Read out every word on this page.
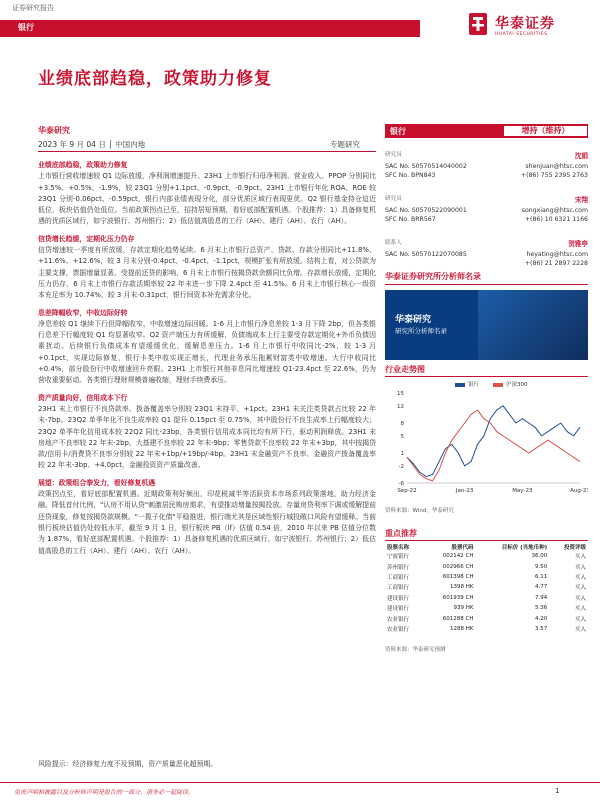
证券研究报告
银行	华泰证券
HUATAI SECURITIES
业绩底部趋稳，政策助力修复
华泰研究
2023 年 9 月 04 日 │ 中国内地	专题研究
业绩底部趋稳，政策助力修复

上市银行营收增速较 Q1 边际放缓，净利润增速提升。23H1 上市银行归母净利润、营业收入、PPOP 分别同比+3.5%、+0.5%、-1.9%，较 23Q1 分别+1.1pct、-0.9pct、-0.9pct。23H1 上市银行年化 ROA、ROE 较 23Q1 分别-0.06pct、-0.59pct，银行内部业绩表现分化，部分优质区域行表现更优。Q2 银行基金持仓迫近低位，板块估值仍处低位。当前政策拐点已至，招持居短预期，看好底部配置机遇。个股推荐：1）具备修复机遇的优质区域行，如宁波银行、苏州银行；2）低估值高股息的工行（AH）、建行（AH）、农行（AH）。

信贷增长趋缓，定期化压力仍存

信贷增速较一季度有所放缓，存款定期化趋势延续。6 月末上市银行总资产、贷款、存款分别同比+11.8%、+11.6%、+12.6%，较 3 月末分别-0.4pct、-0.4pct、-1.1pct，规模扩张有所放缓。结构上看，对公贷款为主要支撑，票据增量显著。受提前还贷的影响，6 月末上市银行按揭贷款余额同比负增。存款增长放缓，定期化压力仍存，6 月末上市银行存款活期率较 22 年末进一步下降 2.4pct 至 41.5%。6 月末上市银行核心一级资本充足率为 10.74%，较 3 月末-0.31pct，银行间资本补充需求分化。

息差降幅收窄，中收边际好转

净息差较 Q1 继续下行但降幅收窄，中收增速边际回暖。1-6 月上市银行净息差较 1-3 月下降 2bp，但各类银行息差下行幅度较 Q1 均显著收窄。Q2 资产端压力有所缓解，负债端成本上行主要受存款定期化+外币负债因素扰动。后续银行负债成本有望缓缓优化，缓解息差压力。1-6 月上市银行中收同比-2%，较 1-3 月+0.1pct，实现边际修复，银行卡类中收实现正增长，代理业务承压拖累财富类中收增速。大行中收同比+0.4%，部分股份行中收增速回升亮眼。23H1 上市银行其他非息同比增速较 Q1-23.4pct 至 22.6%，仍为营收重要驱动。各类银行理财规模普遍收缩，理财手续费承压。

资产质量向好，信用成本下行

23H1 末上市银行不良贷款率、拨备覆盖率分别较 23Q1 末持平、+1pct。23H1 末关注类贷款占比较 22 年末-7bp。23Q2 单季年化不良生成率较 Q1 提升 0.15pct 至 0.75%，其中股份行不良生成率上行幅度较大；23Q2 单季年化信用成本较 22Q2 同比-23bp，各类银行信用成本同比均有所下行，驱动利润释放。23H1 末房地产不良率较 22 年末-2bp，大基建不良率较 22 年末-9bp；零售贷款不良率较 22 年末+3bp，其中按揭贷款/信用卡/消费贷不良率分别较 22 年末+1bp/+19bp/-4bp。23H1 末金融资产不良率、金融资产拨备覆盖率较 22 年末-3bp、+4.0pct，金融投资资产质量改善。

展望：政策组合拳发力，看好修复机遇

政策拐点至，看好底部配置机遇。近期政策利好频出，印花税减半等活跃资本市场系列政策落地，助力经济金融。降低首付比例，"认房不用认贷"刺激居民购房需求，有望推动增量按揭投放。存量房贷利率下调或缓解提前还贷现象，修复按揭贷款规模。"一揽子化债"平稳推进，银行端尤其是区域性银行城投敞口风险有望缓释。当前银行板块估值仍处较低水平，截至 9 月 1 日，银行板块 PB（lf）估值 0.54 倍，2010 年以来 PB 估值分位数为 1.87%，看好底部配置机遇。个股推荐：1）具备修复机遇的优质区域行，如宁波银行、苏州银行；2）低估值高股息的工行（AH）、建行（AH）、农行（AH）。

风险提示：经济修复力度不及预期，资产质量恶化超预期。
银行	增持（维持）
研究员	沈娟
SAC No. S0570514040002	shenjuan@htsc.com
SFC No. BPN843	+(86) 755 2395 2763
研究员	宋翔
SAC No. S0570522090001	songxiang@htsc.com
SFC No. BRR567	+(86) 10 6321 1166
联系人	贺雅亭
SAC No. S0570122070085	heyating@htsc.com
+(86) 21 2897 2228
华泰证券研究所分析师名录
华泰研究
研究所分析师名录
行业走势图
银行	沪深300
-6
-2
1
5
8
12
15
Sep-22	Jan-23	May-23	Aug-23
资料来源：Wind，华泰研究
重点推荐
股票名称	股票代码	目标价 (当地币种)	投资评级
宁波银行	002142 CH	36.00	买入
苏州银行	002966 CH	9.50	买入
工商银行	601398 CH	6.11	买入
工商银行	1398 HK	4.77	买入
建设银行	601939 CH	7.94	买入
建设银行	939 HK	5.36	买入
农业银行	601288 CH	4.20	买入
农业银行	1288 HK	3.57	买入
资料来源：华泰研究预测
免责声明和披露以及分析师声明是报告的一部分，请务必一起阅读。	1
